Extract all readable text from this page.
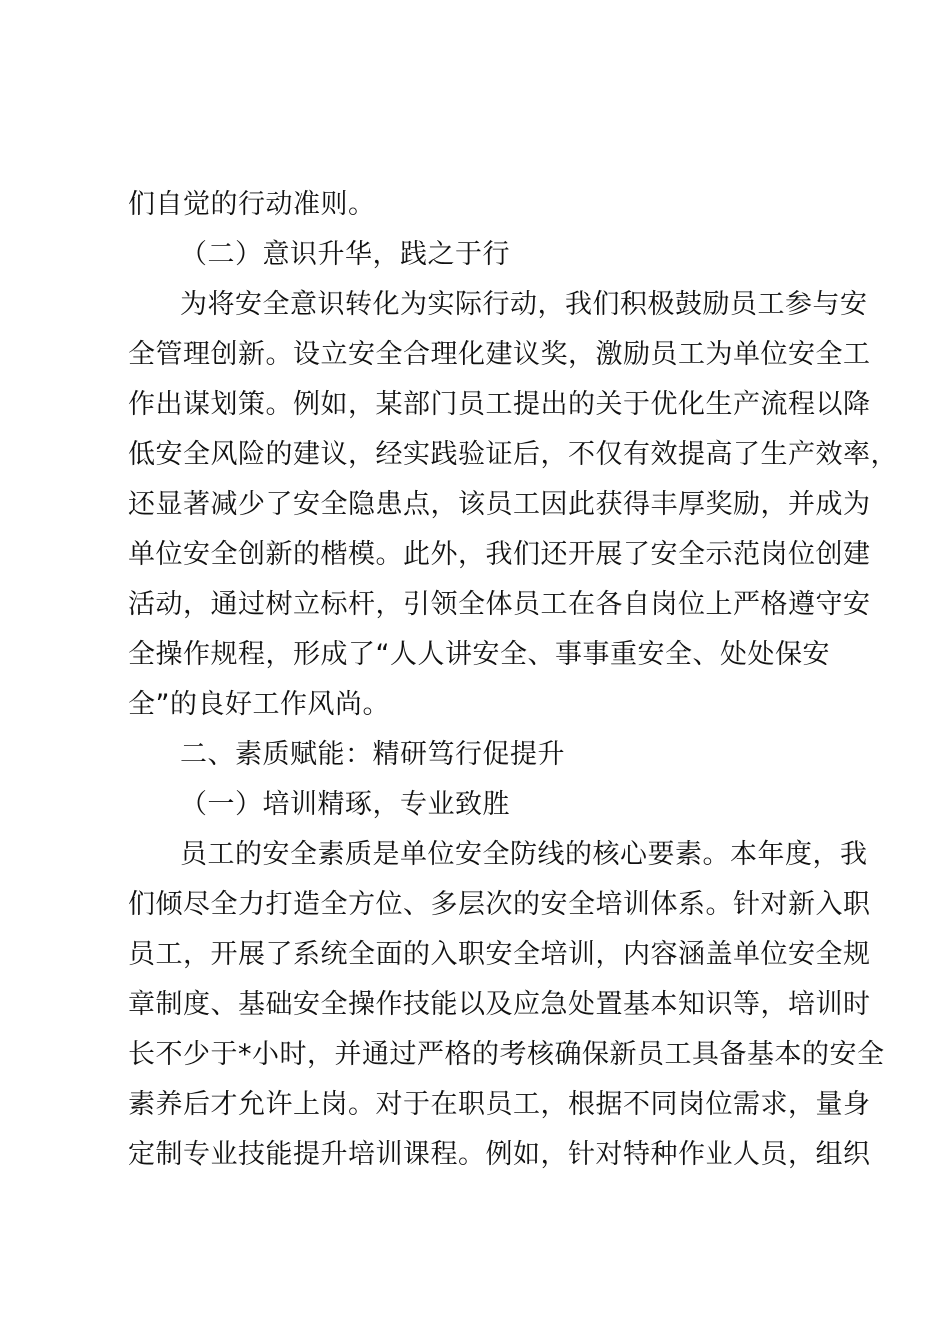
们自觉的行动准则。
（二）意识升华，践之于行
为将安全意识转化为实际行动，我们积极鼓励员工参与安
全管理创新。设立安全合理化建议奖，激励员工为单位安全工
作出谋划策。例如，某部门员工提出的关于优化生产流程以降
低安全风险的建议，经实践验证后，不仅有效提高了生产效率，
还显著减少了安全隐患点，该员工因此获得丰厚奖励，并成为
单位安全创新的楷模。此外，我们还开展了安全示范岗位创建
活动，通过树立标杆，引领全体员工在各自岗位上严格遵守安
全操作规程，形成了“人人讲安全、事事重安全、处处保安
全”的良好工作风尚。
二、素质赋能：精研笃行促提升
（一）培训精琢，专业致胜
员工的安全素质是单位安全防线的核心要素。本年度，我
们倾尽全力打造全方位、多层次的安全培训体系。针对新入职
员工，开展了系统全面的入职安全培训，内容涵盖单位安全规
章制度、基础安全操作技能以及应急处置基本知识等，培训时
长不少于*小时，并通过严格的考核确保新员工具备基本的安全
素养后才允许上岗。对于在职员工，根据不同岗位需求，量身
定制专业技能提升培训课程。例如，针对特种作业人员，组织
